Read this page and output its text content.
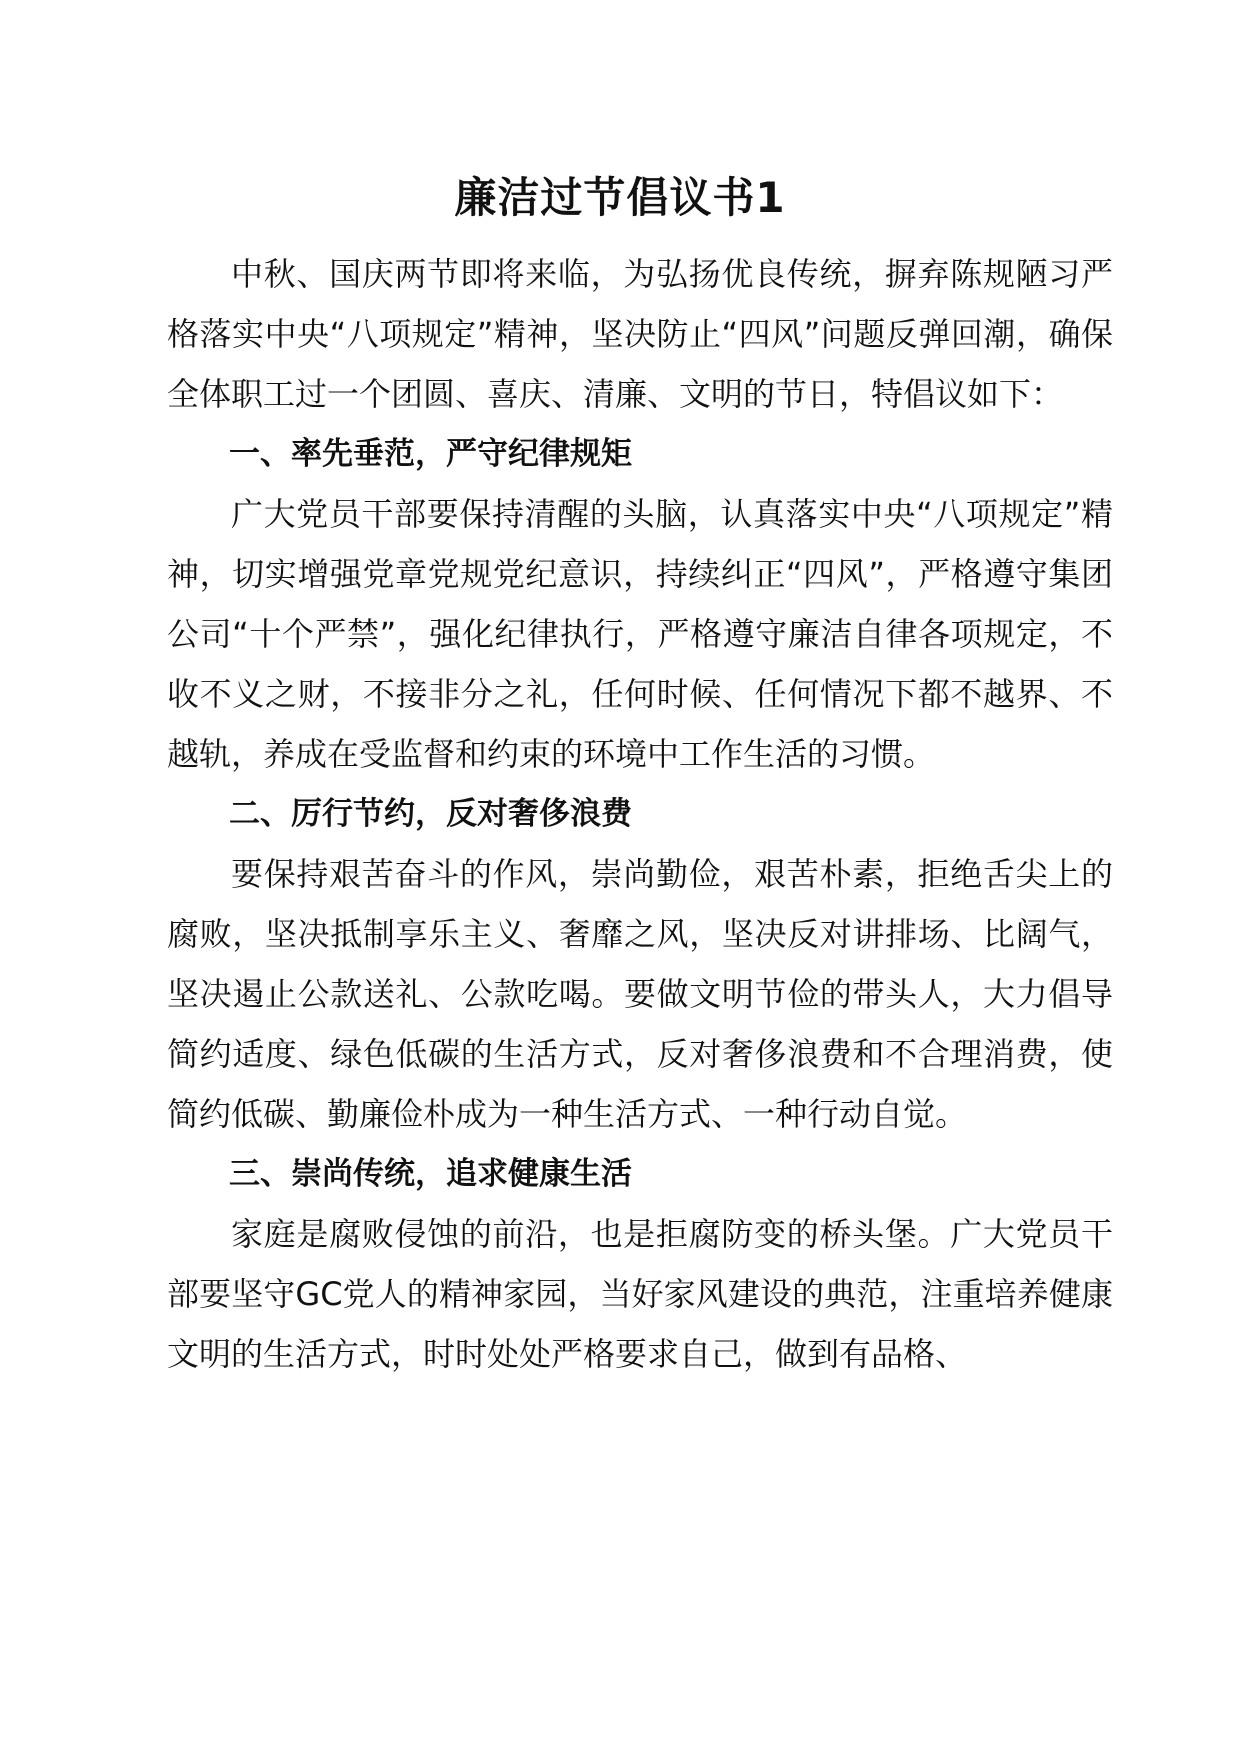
廉洁过节倡议书1

中秋、国庆两节即将来临，为弘扬优良传统，摒弃陈规陋习严格落实中央“八项规定”精神，坚决防止“四风”问题反弹回潮，确保全体职工过一个团圆、喜庆、清廉、文明的节日，特倡议如下：

一、率先垂范，严守纪律规矩

广大党员干部要保持清醒的头脑，认真落实中央“八项规定”精神，切实增强党章党规党纪意识，持续纠正“四风”，严格遵守集团公司“十个严禁”，强化纪律执行，严格遵守廉洁自律各项规定，不收不义之财，不接非分之礼，任何时候、任何情况下都不越界、不越轨，养成在受监督和约束的环境中工作生活的习惯。

二、厉行节约，反对奢侈浪费

要保持艰苦奋斗的作风，崇尚勤俭，艰苦朴素，拒绝舌尖上的腐败，坚决抵制享乐主义、奢靡之风，坚决反对讲排场、比阔气，坚决遏止公款送礼、公款吃喝。要做文明节俭的带头人，大力倡导简约适度、绿色低碳的生活方式，反对奢侈浪费和不合理消费，使简约低碳、勤廉俭朴成为一种生活方式、一种行动自觉。

三、崇尚传统，追求健康生活

家庭是腐败侵蚀的前沿，也是拒腐防变的桥头堡。广大党员干部要坚守GC党人的精神家园，当好家风建设的典范，注重培养健康文明的生活方式，时时处处严格要求自己，做到有品格、
